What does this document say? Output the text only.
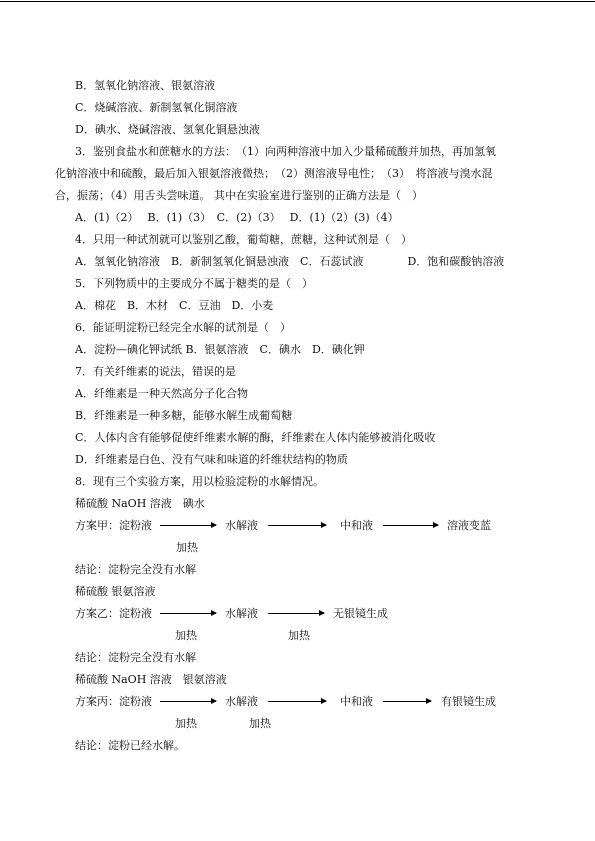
B．氢氧化钠溶液、银氨溶液
C．烧碱溶液、新制氢氧化铜溶液
D．碘水、烧碱溶液、氢氧化铜悬浊液
3．鉴别食盐水和蔗糖水的方法：　（1）向两种溶液中加入少量稀硫酸并加热，再加氢氧
化钠溶液中和硫酸，最后加入银氨溶液微热；　（2）测溶液导电性；　（3）　将溶液与溴水混
合，振荡；（4）用舌头尝味道。 其中在实验室进行鉴别的正确方法是（　）
A．(1)（2）　 B．(1)（3）　C．(2)（3）　 D．(1)（2）(3)（4）
4．只用一种试剂就可以鉴别乙酸，葡萄糖，蔗糖，这种试剂是（　）
A．氢氧化钠溶液　B．新制氢氧化铜悬浊液　C．石蕊试液　　　　D．饱和碳酸钠溶液
5．下列物质中的主要成分不属于糖类的是（　）
A．棉花　B．木材　C．豆油　D．小麦
6．能证明淀粉已经完全水解的试剂是（　）
A．淀粉—碘化钾试纸 B．银氨溶液　C．碘水　D．碘化钾
7．有关纤维素的说法，错误的是
A．纤维素是一种天然高分子化合物
B．纤维素是一种多糖，能够水解生成葡萄糖
C．人体内含有能够促使纤维素水解的酶，纤维素在人体内能够被消化吸收
D．纤维素是白色、没有气味和味道的纤维状结构的物质
8．现有三个实验方案，用以检验淀粉的水解情况。
稀硫酸 NaOH 溶液　碘水
方案甲：淀粉液	水解液	中和液	溶液变蓝
加热
结论：淀粉完全没有水解
稀硫酸 银氨溶液
方案乙：淀粉液	水解液	无银镜生成
加热	加热
结论：淀粉完全没有水解
稀硫酸 NaOH 溶液　银氨溶液
方案丙：淀粉液	水解液	中和液	有银镜生成
加热	加热
结论：淀粉已经水解。
